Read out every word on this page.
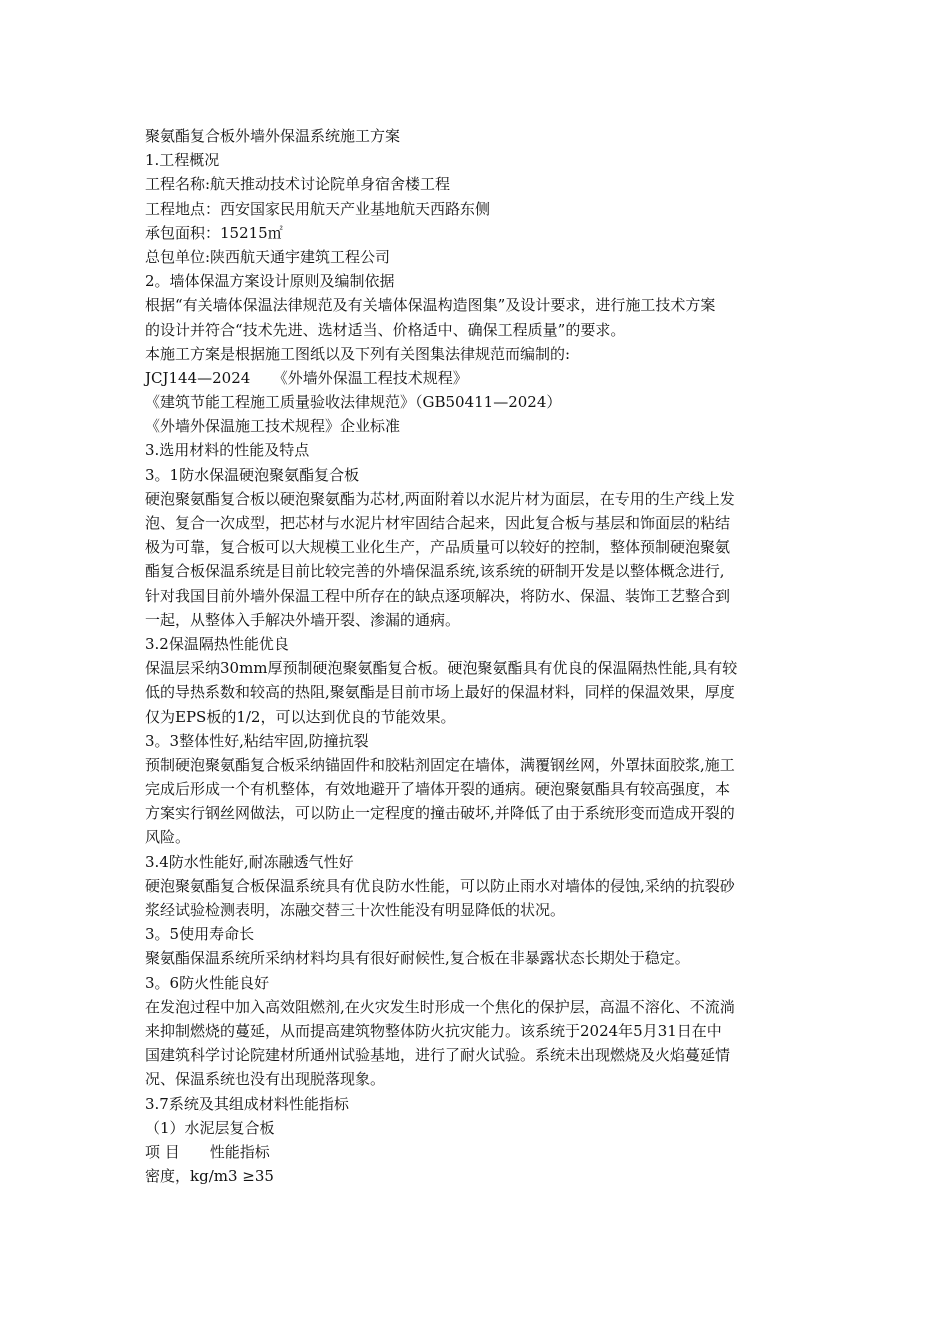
聚氨酯复合板外墙外保温系统施工方案
1.工程概况
工程名称:航天推动技术讨论院单身宿舍楼工程
工程地点：西安国家民用航天产业基地航天西路东侧
承包面积：15215㎡
总包单位:陕西航天通宇建筑工程公司
2。墙体保温方案设计原则及编制依据
根据“有关墙体保温法律规范及有关墙体保温构造图集”及设计要求，进行施工技术方案
的设计并符合“技术先进、选材适当、价格适中、确保工程质量”的要求。
本施工方案是根据施工图纸以及下列有关图集法律规范而编制的:
JCJ144—2024　　《外墙外保温工程技术规程》
《建筑节能工程施工质量验收法律规范》（GB50411—2024）
《外墙外保温施工技术规程》企业标准
3.选用材料的性能及特点
3。1防水保温硬泡聚氨酯复合板
硬泡聚氨酯复合板以硬泡聚氨酯为芯材,两面附着以水泥片材为面层，在专用的生产线上发
泡、复合一次成型，把芯材与水泥片材牢固结合起来，因此复合板与基层和饰面层的粘结
极为可靠，复合板可以大规模工业化生产，产品质量可以较好的控制，整体预制硬泡聚氨
酯复合板保温系统是目前比较完善的外墙保温系统,该系统的研制开发是以整体概念进行,
针对我国目前外墙外保温工程中所存在的缺点逐项解决，将防水、保温、装饰工艺整合到
一起，从整体入手解决外墙开裂、渗漏的通病。
3.2保温隔热性能优良
保温层采纳30mm厚预制硬泡聚氨酯复合板。硬泡聚氨酯具有优良的保温隔热性能,具有较
低的导热系数和较高的热阻,聚氨酯是目前市场上最好的保温材料，同样的保温效果，厚度
仅为EPS板的1/2，可以达到优良的节能效果。
3。3整体性好,粘结牢固,防撞抗裂
预制硬泡聚氨酯复合板采纳锚固件和胶粘剂固定在墙体，满覆钢丝网，外罩抹面胶浆,施工
完成后形成一个有机整体，有效地避开了墙体开裂的通病。硬泡聚氨酯具有较高强度，本
方案实行钢丝网做法，可以防止一定程度的撞击破坏,并降低了由于系统形变而造成开裂的
风险。
3.4防水性能好,耐冻融透气性好
硬泡聚氨酯复合板保温系统具有优良防水性能，可以防止雨水对墙体的侵蚀,采纳的抗裂砂
浆经试验检测表明，冻融交替三十次性能没有明显降低的状况。
3。5使用寿命长
聚氨酯保温系统所采纳材料均具有很好耐候性,复合板在非暴露状态长期处于稳定。
3。6防火性能良好
在发泡过程中加入高效阻燃剂,在火灾发生时形成一个焦化的保护层，高温不溶化、不流淌
来抑制燃烧的蔓延，从而提高建筑物整体防火抗灾能力。该系统于2024年5月31日在中
国建筑科学讨论院建材所通州试验基地，进行了耐火试验。系统未出现燃烧及火焰蔓延情
况、保温系统也没有出现脱落现象。
3.7系统及其组成材料性能指标
（1）水泥层复合板
项 目　　性能指标
密度，kg/m3 ≥35
